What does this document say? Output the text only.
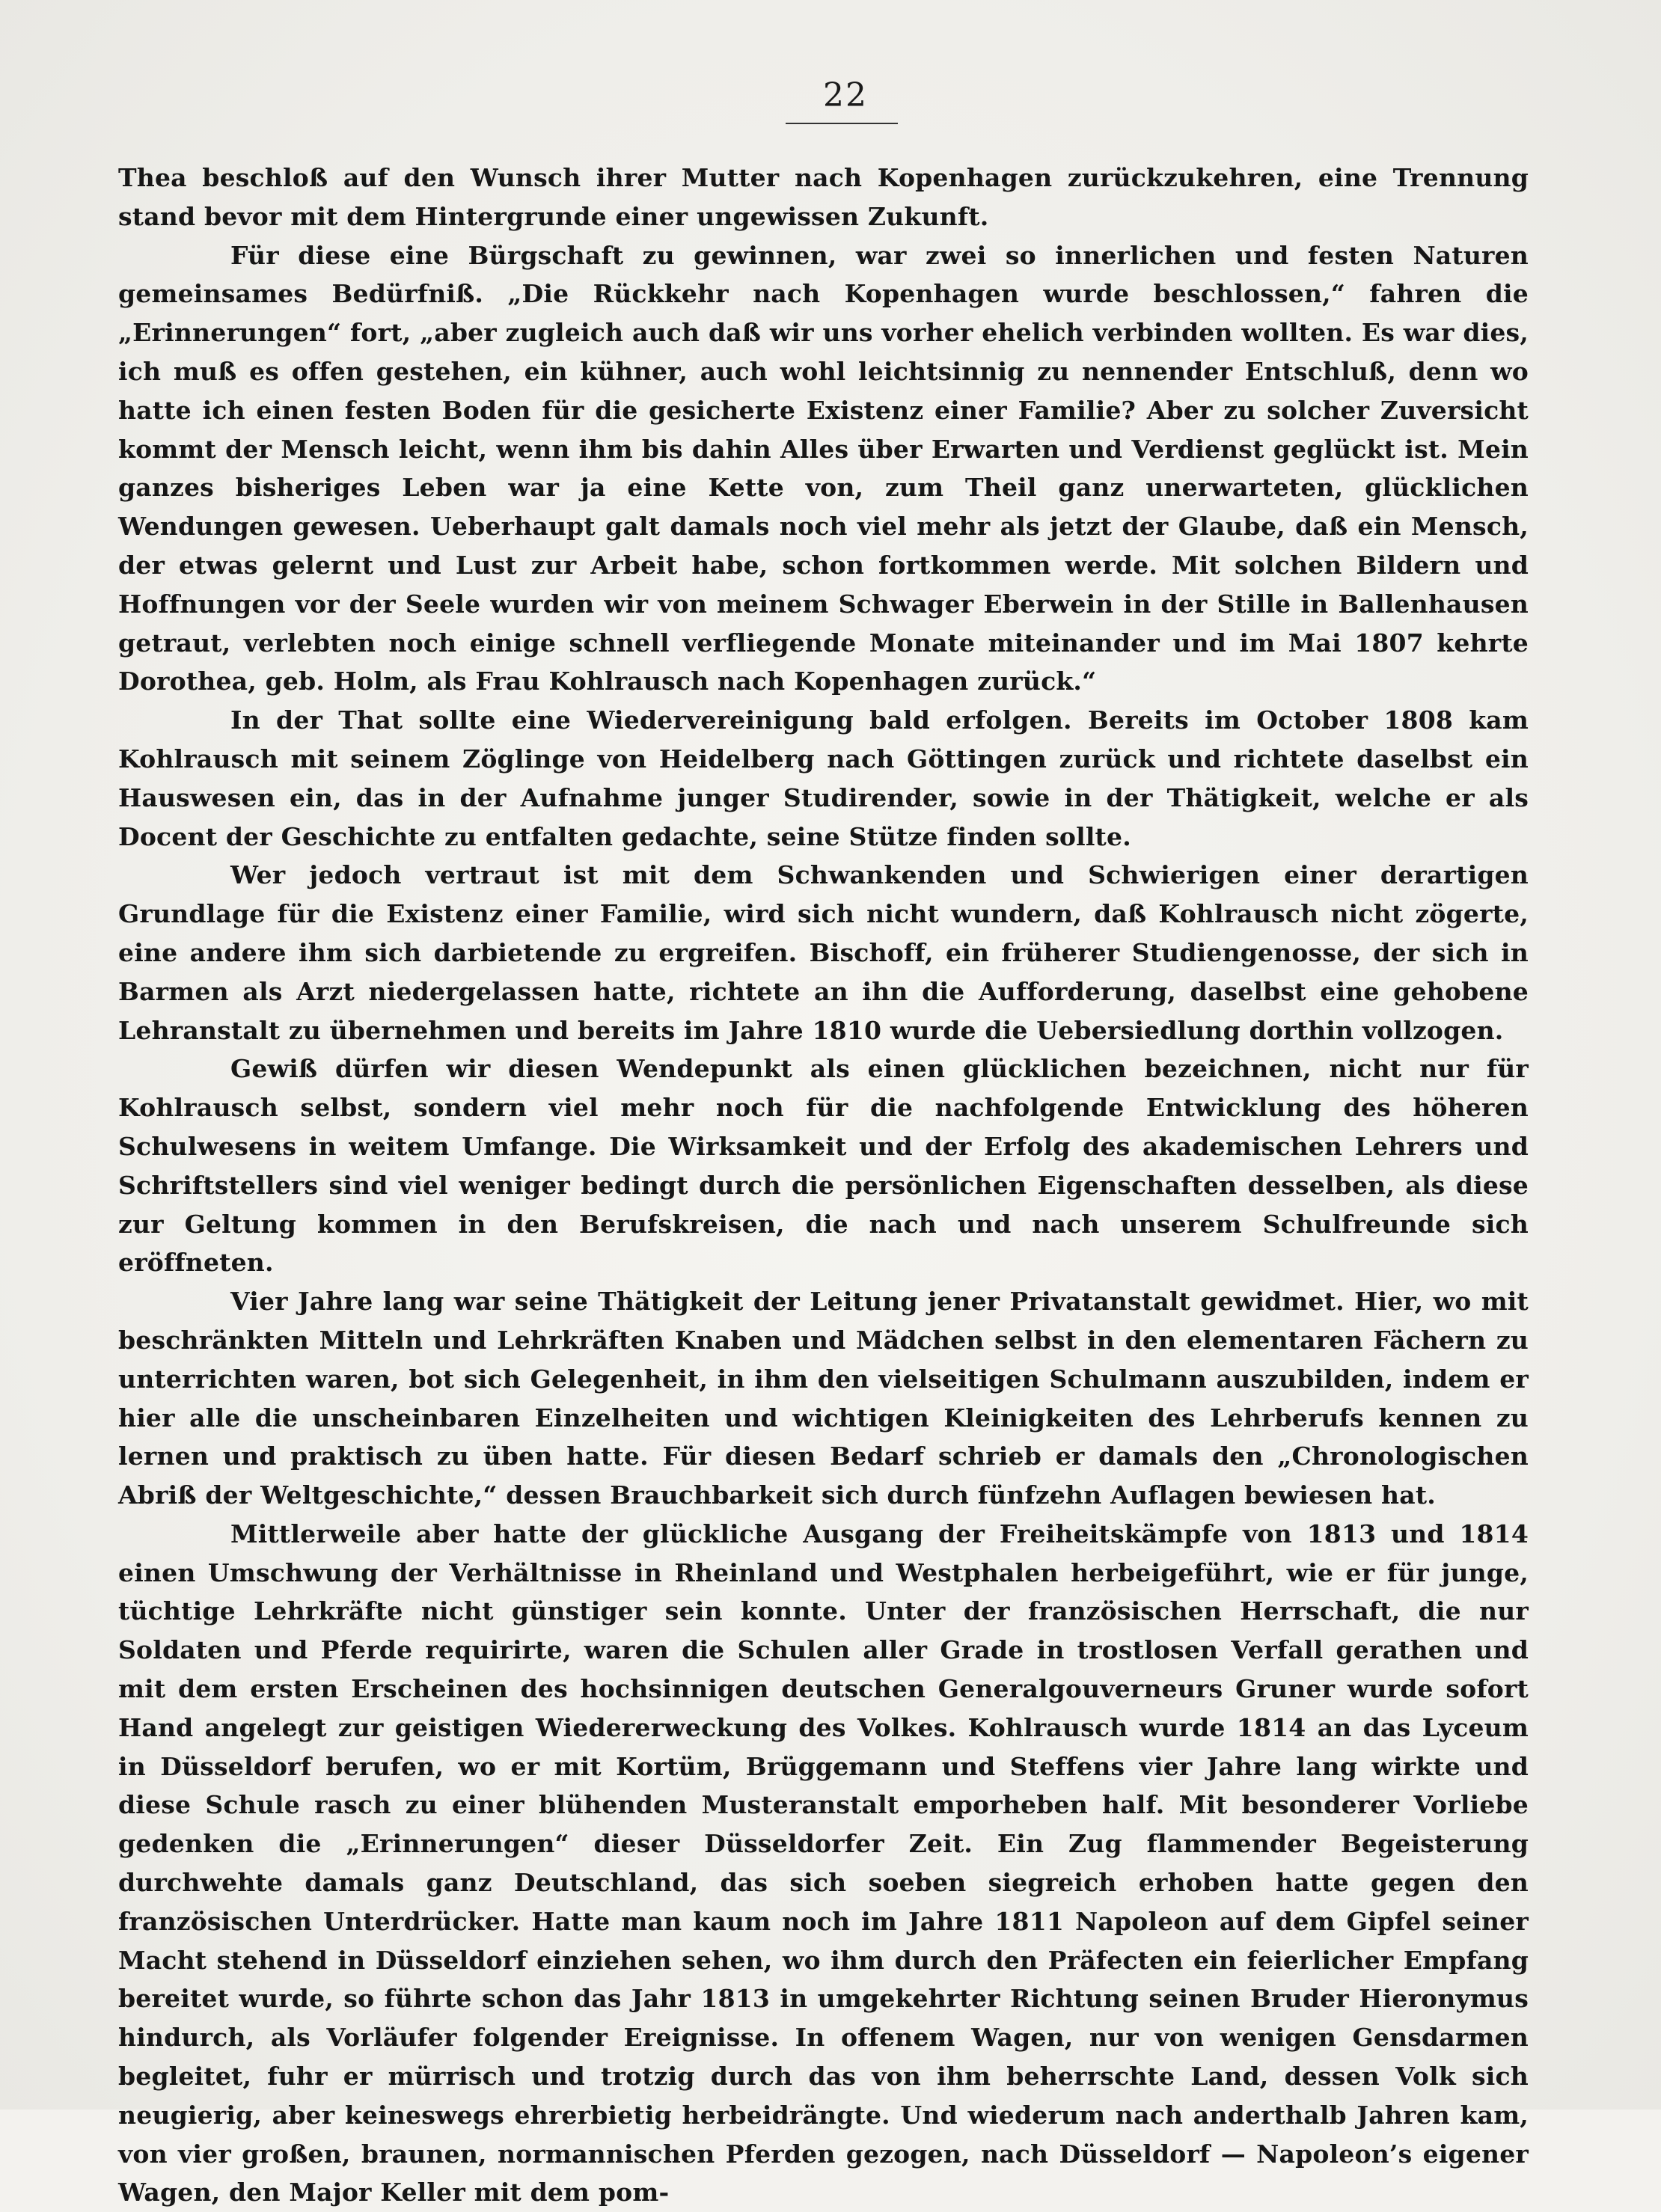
22

Thea beschloß auf den Wunsch ihrer Mutter nach Kopenhagen zurückzukehren, eine Trennung stand bevor mit dem Hintergrunde einer ungewissen Zukunft.

Für diese eine Bürgschaft zu gewinnen, war zwei so innerlichen und festen Naturen gemeinsames Bedürfniß. „Die Rückkehr nach Kopenhagen wurde beschlossen,“ fahren die „Erinnerungen“ fort, „aber zugleich auch daß wir uns vorher ehelich verbinden wollten. Es war dies, ich muß es offen gestehen, ein kühner, auch wohl leichtsinnig zu nennender Entschluß, denn wo hatte ich einen festen Boden für die gesicherte Existenz einer Familie? Aber zu solcher Zuversicht kommt der Mensch leicht, wenn ihm bis dahin Alles über Erwarten und Verdienst geglückt ist. Mein ganzes bisheriges Leben war ja eine Kette von, zum Theil ganz unerwarteten, glücklichen Wendungen gewesen. Ueberhaupt galt damals noch viel mehr als jetzt der Glaube, daß ein Mensch, der etwas gelernt und Lust zur Arbeit habe, schon fortkommen werde. Mit solchen Bildern und Hoffnungen vor der Seele wurden wir von meinem Schwager Eberwein in der Stille in Ballenhausen getraut, verlebten noch einige schnell verfliegende Monate miteinander und im Mai 1807 kehrte Dorothea, geb. Holm, als Frau Kohlrausch nach Kopenhagen zurück.“

In der That sollte eine Wiedervereinigung bald erfolgen. Bereits im October 1808 kam Kohlrausch mit seinem Zöglinge von Heidelberg nach Göttingen zurück und richtete daselbst ein Hauswesen ein, das in der Aufnahme junger Studirender, sowie in der Thätigkeit, welche er als Docent der Geschichte zu entfalten gedachte, seine Stütze finden sollte.

Wer jedoch vertraut ist mit dem Schwankenden und Schwierigen einer derartigen Grundlage für die Existenz einer Familie, wird sich nicht wundern, daß Kohlrausch nicht zögerte, eine andere ihm sich darbietende zu ergreifen. Bischoff, ein früherer Studiengenosse, der sich in Barmen als Arzt niedergelassen hatte, richtete an ihn die Aufforderung, daselbst eine gehobene Lehranstalt zu übernehmen und bereits im Jahre 1810 wurde die Uebersiedlung dorthin vollzogen.

Gewiß dürfen wir diesen Wendepunkt als einen glücklichen bezeichnen, nicht nur für Kohlrausch selbst, sondern viel mehr noch für die nachfolgende Entwicklung des höheren Schulwesens in weitem Umfange. Die Wirksamkeit und der Erfolg des akademischen Lehrers und Schriftstellers sind viel weniger bedingt durch die persönlichen Eigenschaften desselben, als diese zur Geltung kommen in den Berufskreisen, die nach und nach unserem Schulfreunde sich eröffneten.

Vier Jahre lang war seine Thätigkeit der Leitung jener Privatanstalt gewidmet. Hier, wo mit beschränkten Mitteln und Lehrkräften Knaben und Mädchen selbst in den elementaren Fächern zu unterrichten waren, bot sich Gelegenheit, in ihm den vielseitigen Schulmann auszubilden, indem er hier alle die unscheinbaren Einzelheiten und wichtigen Kleinigkeiten des Lehrberufs kennen zu lernen und praktisch zu üben hatte. Für diesen Bedarf schrieb er damals den „Chronologischen Abriß der Weltgeschichte,“ dessen Brauchbarkeit sich durch fünfzehn Auflagen bewiesen hat.

Mittlerweile aber hatte der glückliche Ausgang der Freiheitskämpfe von 1813 und 1814 einen Umschwung der Verhältnisse in Rheinland und Westphalen herbeigeführt, wie er für junge, tüchtige Lehrkräfte nicht günstiger sein konnte. Unter der französischen Herrschaft, die nur Soldaten und Pferde requirirte, waren die Schulen aller Grade in trostlosen Verfall gerathen und mit dem ersten Erscheinen des hochsinnigen deutschen Generalgouverneurs Gruner wurde sofort Hand angelegt zur geistigen Wiedererweckung des Volkes. Kohlrausch wurde 1814 an das Lyceum in Düsseldorf berufen, wo er mit Kortüm, Brüggemann und Steffens vier Jahre lang wirkte und diese Schule rasch zu einer blühenden Musteranstalt emporheben half. Mit besonderer Vorliebe gedenken die „Erinnerungen“ dieser Düsseldorfer Zeit. Ein Zug flammender Begeisterung durchwehte damals ganz Deutschland, das sich soeben siegreich erhoben hatte gegen den französischen Unterdrücker. Hatte man kaum noch im Jahre 1811 Napoleon auf dem Gipfel seiner Macht stehend in Düsseldorf einziehen sehen, wo ihm durch den Präfecten ein feierlicher Empfang bereitet wurde, so führte schon das Jahr 1813 in umgekehrter Richtung seinen Bruder Hieronymus hindurch, als Vorläufer folgender Ereignisse. In offenem Wagen, nur von wenigen Gensdarmen begleitet, fuhr er mürrisch und trotzig durch das von ihm beherrschte Land, dessen Volk sich neugierig, aber keineswegs ehrerbietig herbeidrängte. Und wiederum nach anderthalb Jahren kam, von vier großen, braunen, normannischen Pferden gezogen, nach Düsseldorf — Napoleon’s eigener Wagen, den Major Keller mit dem pom-
